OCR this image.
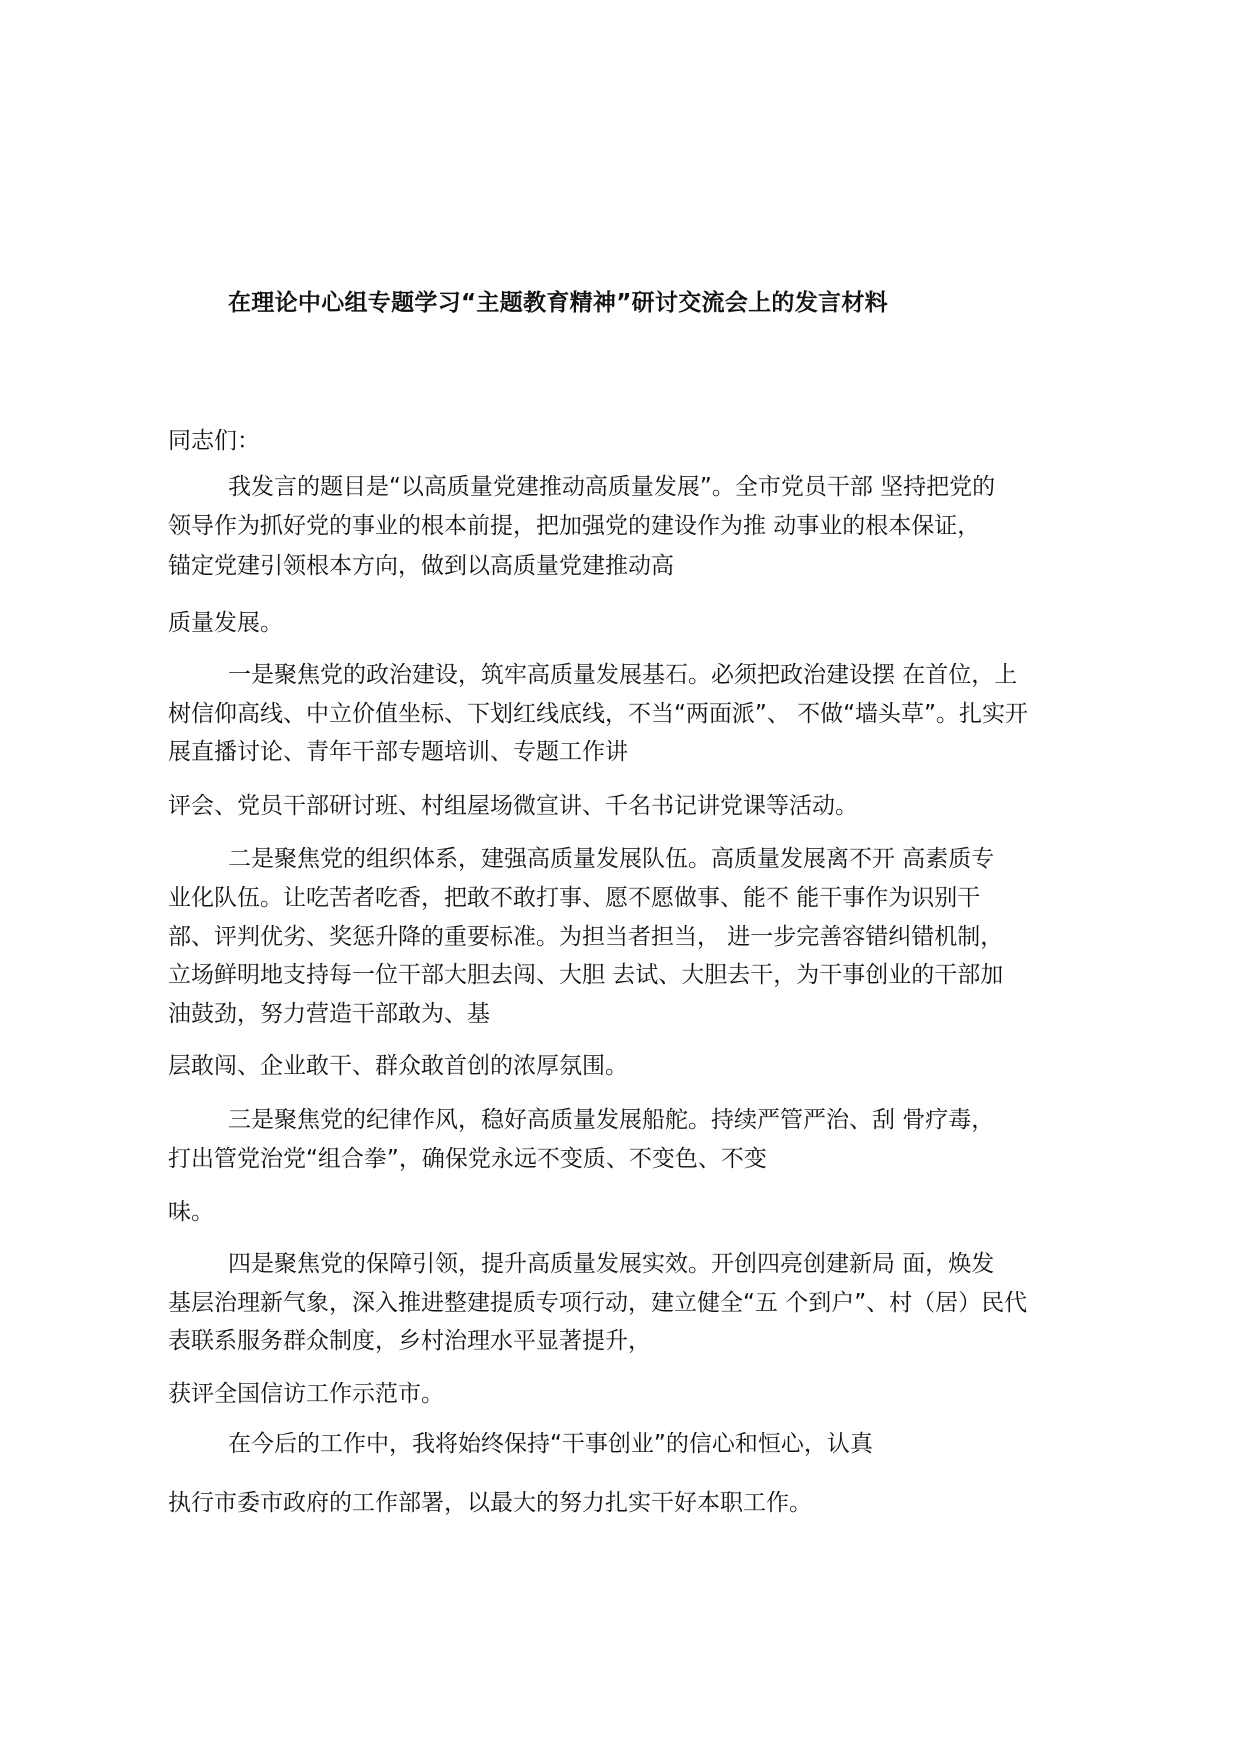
在理论中心组专题学习“主题教育精神”研讨交流会上的发言材料

同志们：

我发言的题目是“以高质量党建推动高质量发展”。全市党员干部 坚持把党的

领导作为抓好党的事业的根本前提，把加强党的建设作为推 动事业的根本保证，

锚定党建引领根本方向，做到以高质量党建推动高

质量发展。

一是聚焦党的政治建设，筑牢高质量发展基石。必须把政治建设摆 在首位，上

树信仰高线、中立价值坐标、下划红线底线，不当“两面派”、 不做“墙头草”。扎实开

展直播讨论、青年干部专题培训、专题工作讲

评会、党员干部研讨班、村组屋场微宣讲、千名书记讲党课等活动。

二是聚焦党的组织体系，建强高质量发展队伍。高质量发展离不开 高素质专

业化队伍。让吃苦者吃香，把敢不敢打事、愿不愿做事、能不 能干事作为识别干

部、评判优劣、奖惩升降的重要标准。为担当者担当， 进一步完善容错纠错机制，

立场鲜明地支持每一位干部大胆去闯、大胆 去试、大胆去干，为干事创业的干部加

油鼓劲，努力营造干部敢为、基

层敢闯、企业敢干、群众敢首创的浓厚氛围。

三是聚焦党的纪律作风，稳好高质量发展船舵。持续严管严治、刮 骨疗毒，

打出管党治党“组合拳”，确保党永远不变质、不变色、不变

味。

四是聚焦党的保障引领，提升高质量发展实效。开创四亮创建新局 面，焕发

基层治理新气象，深入推进整建提质专项行动，建立健全“五 个到户”、村（居）民代

表联系服务群众制度，乡村治理水平显著提升，

获评全国信访工作示范市。

在今后的工作中，我将始终保持“干事创业”的信心和恒心，认真

执行市委市政府的工作部署，以最大的努力扎实干好本职工作。
